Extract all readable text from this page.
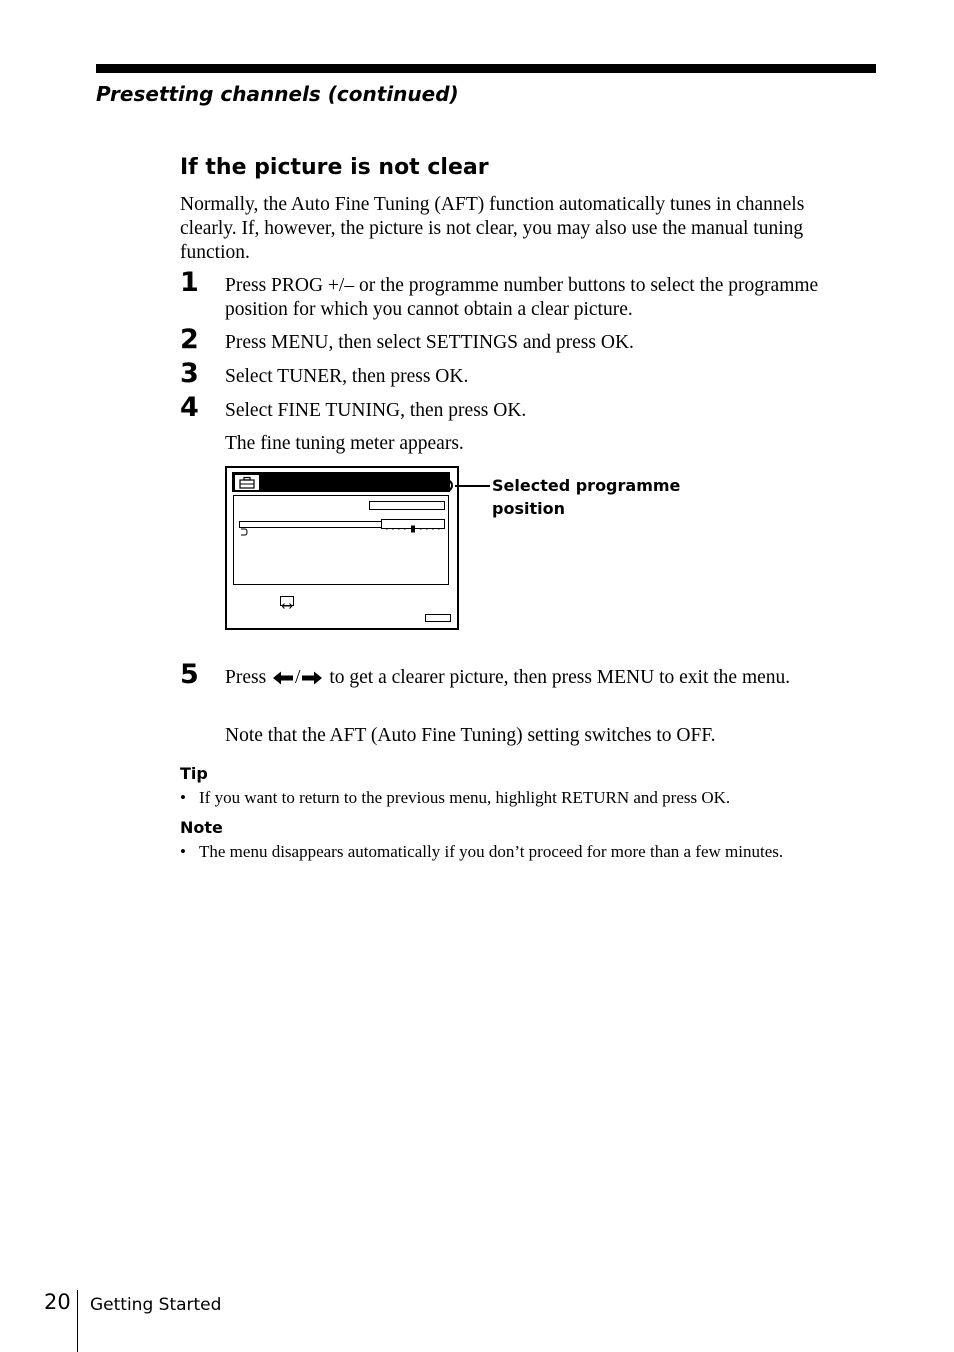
Presetting channels (continued)
If the picture is not clear

Normally, the Auto Fine Tuning (AFT) function automatically tunes in channels clearly. If, however, the picture is not clear, you may also use the manual tuning function.

1 Press PROG +/– or the programme number buttons to select the programme position for which you cannot obtain a clear picture.

2 Press MENU, then select SETTINGS and press OK.

3 Select TUNER, then press OK.

4 Select FINE TUNING, then press OK.

The fine tuning meter appears.

Selected programme position

5 Press / to get a clearer picture, then press MENU to exit the menu.

Note that the AFT (Auto Fine Tuning) setting switches to OFF.

Tip

• If you want to return to the previous menu, highlight RETURN and press OK.

Note

• The menu disappears automatically if you don’t proceed for more than a few minutes.

20 Getting Started
